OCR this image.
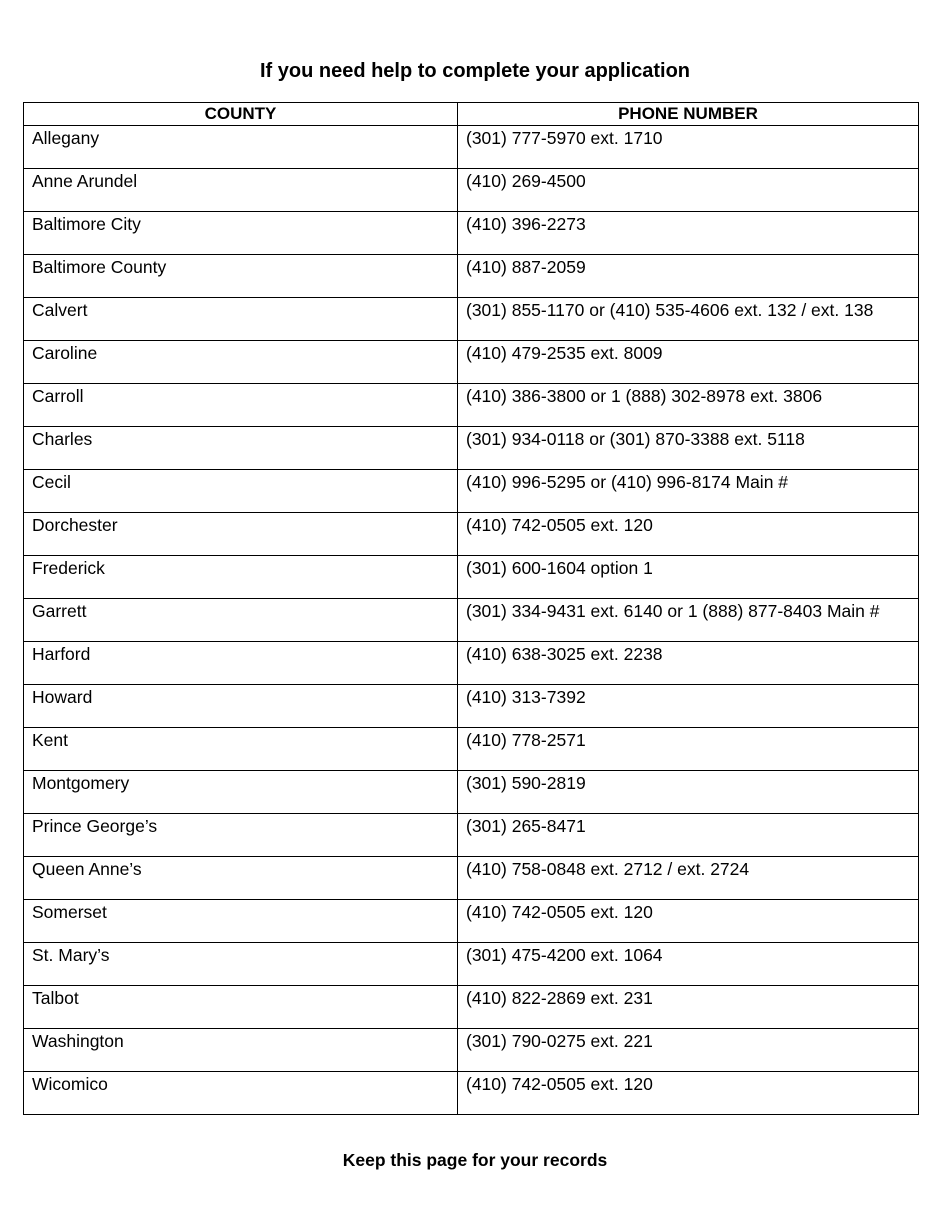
If you need help to complete your application
COUNTY	PHONE NUMBER
Allegany	(301) 777-5970 ext. 1710
Anne Arundel	(410) 269-4500
Baltimore City	(410) 396-2273
Baltimore County	(410) 887-2059
Calvert	(301) 855-1170 or (410) 535-4606 ext. 132 / ext. 138
Caroline	(410) 479-2535 ext. 8009
Carroll	(410) 386-3800 or 1 (888) 302-8978 ext. 3806
Charles	(301) 934-0118 or (301) 870-3388 ext. 5118
Cecil	(410) 996-5295 or (410) 996-8174 Main #
Dorchester	(410) 742-0505 ext. 120
Frederick	(301) 600-1604 option 1
Garrett	(301) 334-9431 ext. 6140 or 1 (888) 877-8403 Main #
Harford	(410) 638-3025 ext. 2238
Howard	(410) 313-7392
Kent	(410) 778-2571
Montgomery	(301) 590-2819
Prince George’s	(301) 265-8471
Queen Anne’s	(410) 758-0848 ext. 2712 / ext. 2724
Somerset	(410) 742-0505 ext. 120
St. Mary’s	(301) 475-4200 ext. 1064
Talbot	(410) 822-2869 ext. 231
Washington	(301) 790-0275 ext. 221
Wicomico	(410) 742-0505 ext. 120

Keep this page for your records
